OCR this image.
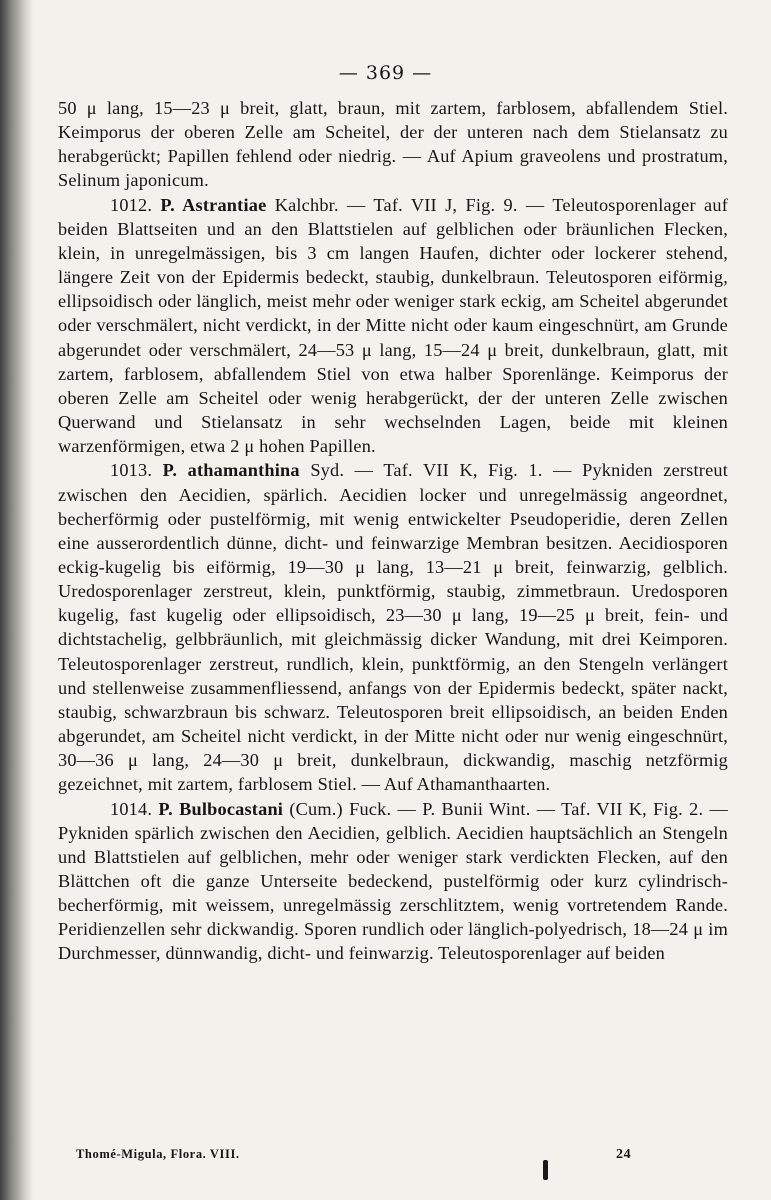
— 369 —

50 μ lang, 15—23 μ breit, glatt, braun, mit zartem, farblosem, abfallendem Stiel. Keimporus der oberen Zelle am Scheitel, der der unteren nach dem Stielansatz zu herabgerückt; Papillen fehlend oder niedrig. — Auf Apium graveolens und prostratum, Selinum japonicum.

1012. P. Astrantiae Kalchbr. — Taf. VII J, Fig. 9. — Teleutosporenlager auf beiden Blattseiten und an den Blattstielen auf gelblichen oder bräunlichen Flecken, klein, in unregelmässigen, bis 3 cm langen Haufen, dichter oder lockerer stehend, längere Zeit von der Epidermis bedeckt, staubig, dunkelbraun. Teleutosporen eiförmig, ellipsoidisch oder länglich, meist mehr oder weniger stark eckig, am Scheitel abgerundet oder verschmälert, nicht verdickt, in der Mitte nicht oder kaum eingeschnürt, am Grunde abgerundet oder verschmälert, 24—53 μ lang, 15—24 μ breit, dunkelbraun, glatt, mit zartem, farblosem, abfallendem Stiel von etwa halber Sporenlänge. Keimporus der oberen Zelle am Scheitel oder wenig herabgerückt, der der unteren Zelle zwischen Querwand und Stielansatz in sehr wechselnden Lagen, beide mit kleinen warzenförmigen, etwa 2 μ hohen Papillen.

1013. P. athamanthina Syd. — Taf. VII K, Fig. 1. — Pykniden zerstreut zwischen den Aecidien, spärlich. Aecidien locker und unregelmässig angeordnet, becherförmig oder pustelförmig, mit wenig entwickelter Pseudoperidie, deren Zellen eine ausserordentlich dünne, dicht- und feinwarzige Membran besitzen. Aecidiosporen eckig-kugelig bis eiförmig, 19—30 μ lang, 13—21 μ breit, feinwarzig, gelblich. Uredosporenlager zerstreut, klein, punktförmig, staubig, zimmetbraun. Uredosporen kugelig, fast kugelig oder ellipsoidisch, 23—30 μ lang, 19—25 μ breit, fein- und dichtstachelig, gelbbräunlich, mit gleichmässig dicker Wandung, mit drei Keimporen. Teleutosporenlager zerstreut, rundlich, klein, punktförmig, an den Stengeln verlängert und stellenweise zusammenfliessend, anfangs von der Epidermis bedeckt, später nackt, staubig, schwarzbraun bis schwarz. Teleutosporen breit ellipsoidisch, an beiden Enden abgerundet, am Scheitel nicht verdickt, in der Mitte nicht oder nur wenig eingeschnürt, 30—36 μ lang, 24—30 μ breit, dunkelbraun, dickwandig, maschig netzförmig gezeichnet, mit zartem, farblosem Stiel. — Auf Athamanthaarten.

1014. P. Bulbocastani (Cum.) Fuck. — P. Bunii Wint. — Taf. VII K, Fig. 2. — Pykniden spärlich zwischen den Aecidien, gelblich. Aecidien hauptsächlich an Stengeln und Blattstielen auf gelblichen, mehr oder weniger stark verdickten Flecken, auf den Blättchen oft die ganze Unterseite bedeckend, pustelförmig oder kurz cylindrisch-becherförmig, mit weissem, unregelmässig zerschlitztem, wenig vortretendem Rande. Peridienzellen sehr dickwandig. Sporen rundlich oder länglich-polyedrisch, 18—24 μ im Durchmesser, dünnwandig, dicht- und feinwarzig. Teleutosporenlager auf beiden

Thomé-Migula, Flora. VIII.	24
